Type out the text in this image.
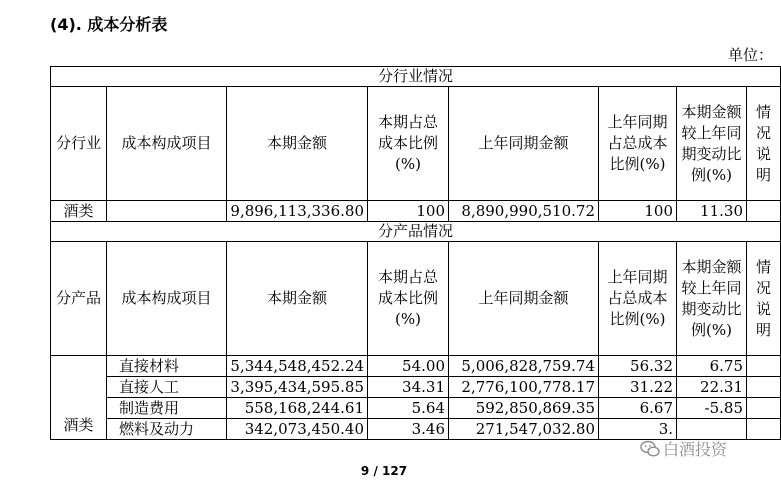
(4). 成本分析表
单位：
分行业情况							
分行业	成本构成项目	本期金额	本期占总成本比例(%)	上年同期金额	上年同期占总成本比例(%)	本期金额较上年同期变动比例(%)	情况说明
酒类		9,896,113,336.80	100	8,890,990,510.72	100	11.30	
分产品情况							
分产品	成本构成项目	本期金额	本期占总成本比例(%)	上年同期金额	上年同期占总成本比例(%)	本期金额较上年同期变动比例(%)	情况说明
酒类	直接材料	5,344,548,452.24	54.00	5,006,828,759.74	56.32	6.75	
	直接人工	3,395,434,595.85	34.31	2,776,100,778.17	31.22	22.31	
	制造费用	558,168,244.61	5.64	592,850,869.35	6.67	-5.85	
	燃料及动力	342,073,450.40	3.46	271,547,032.80	3.		
白酒投资
9 / 127
